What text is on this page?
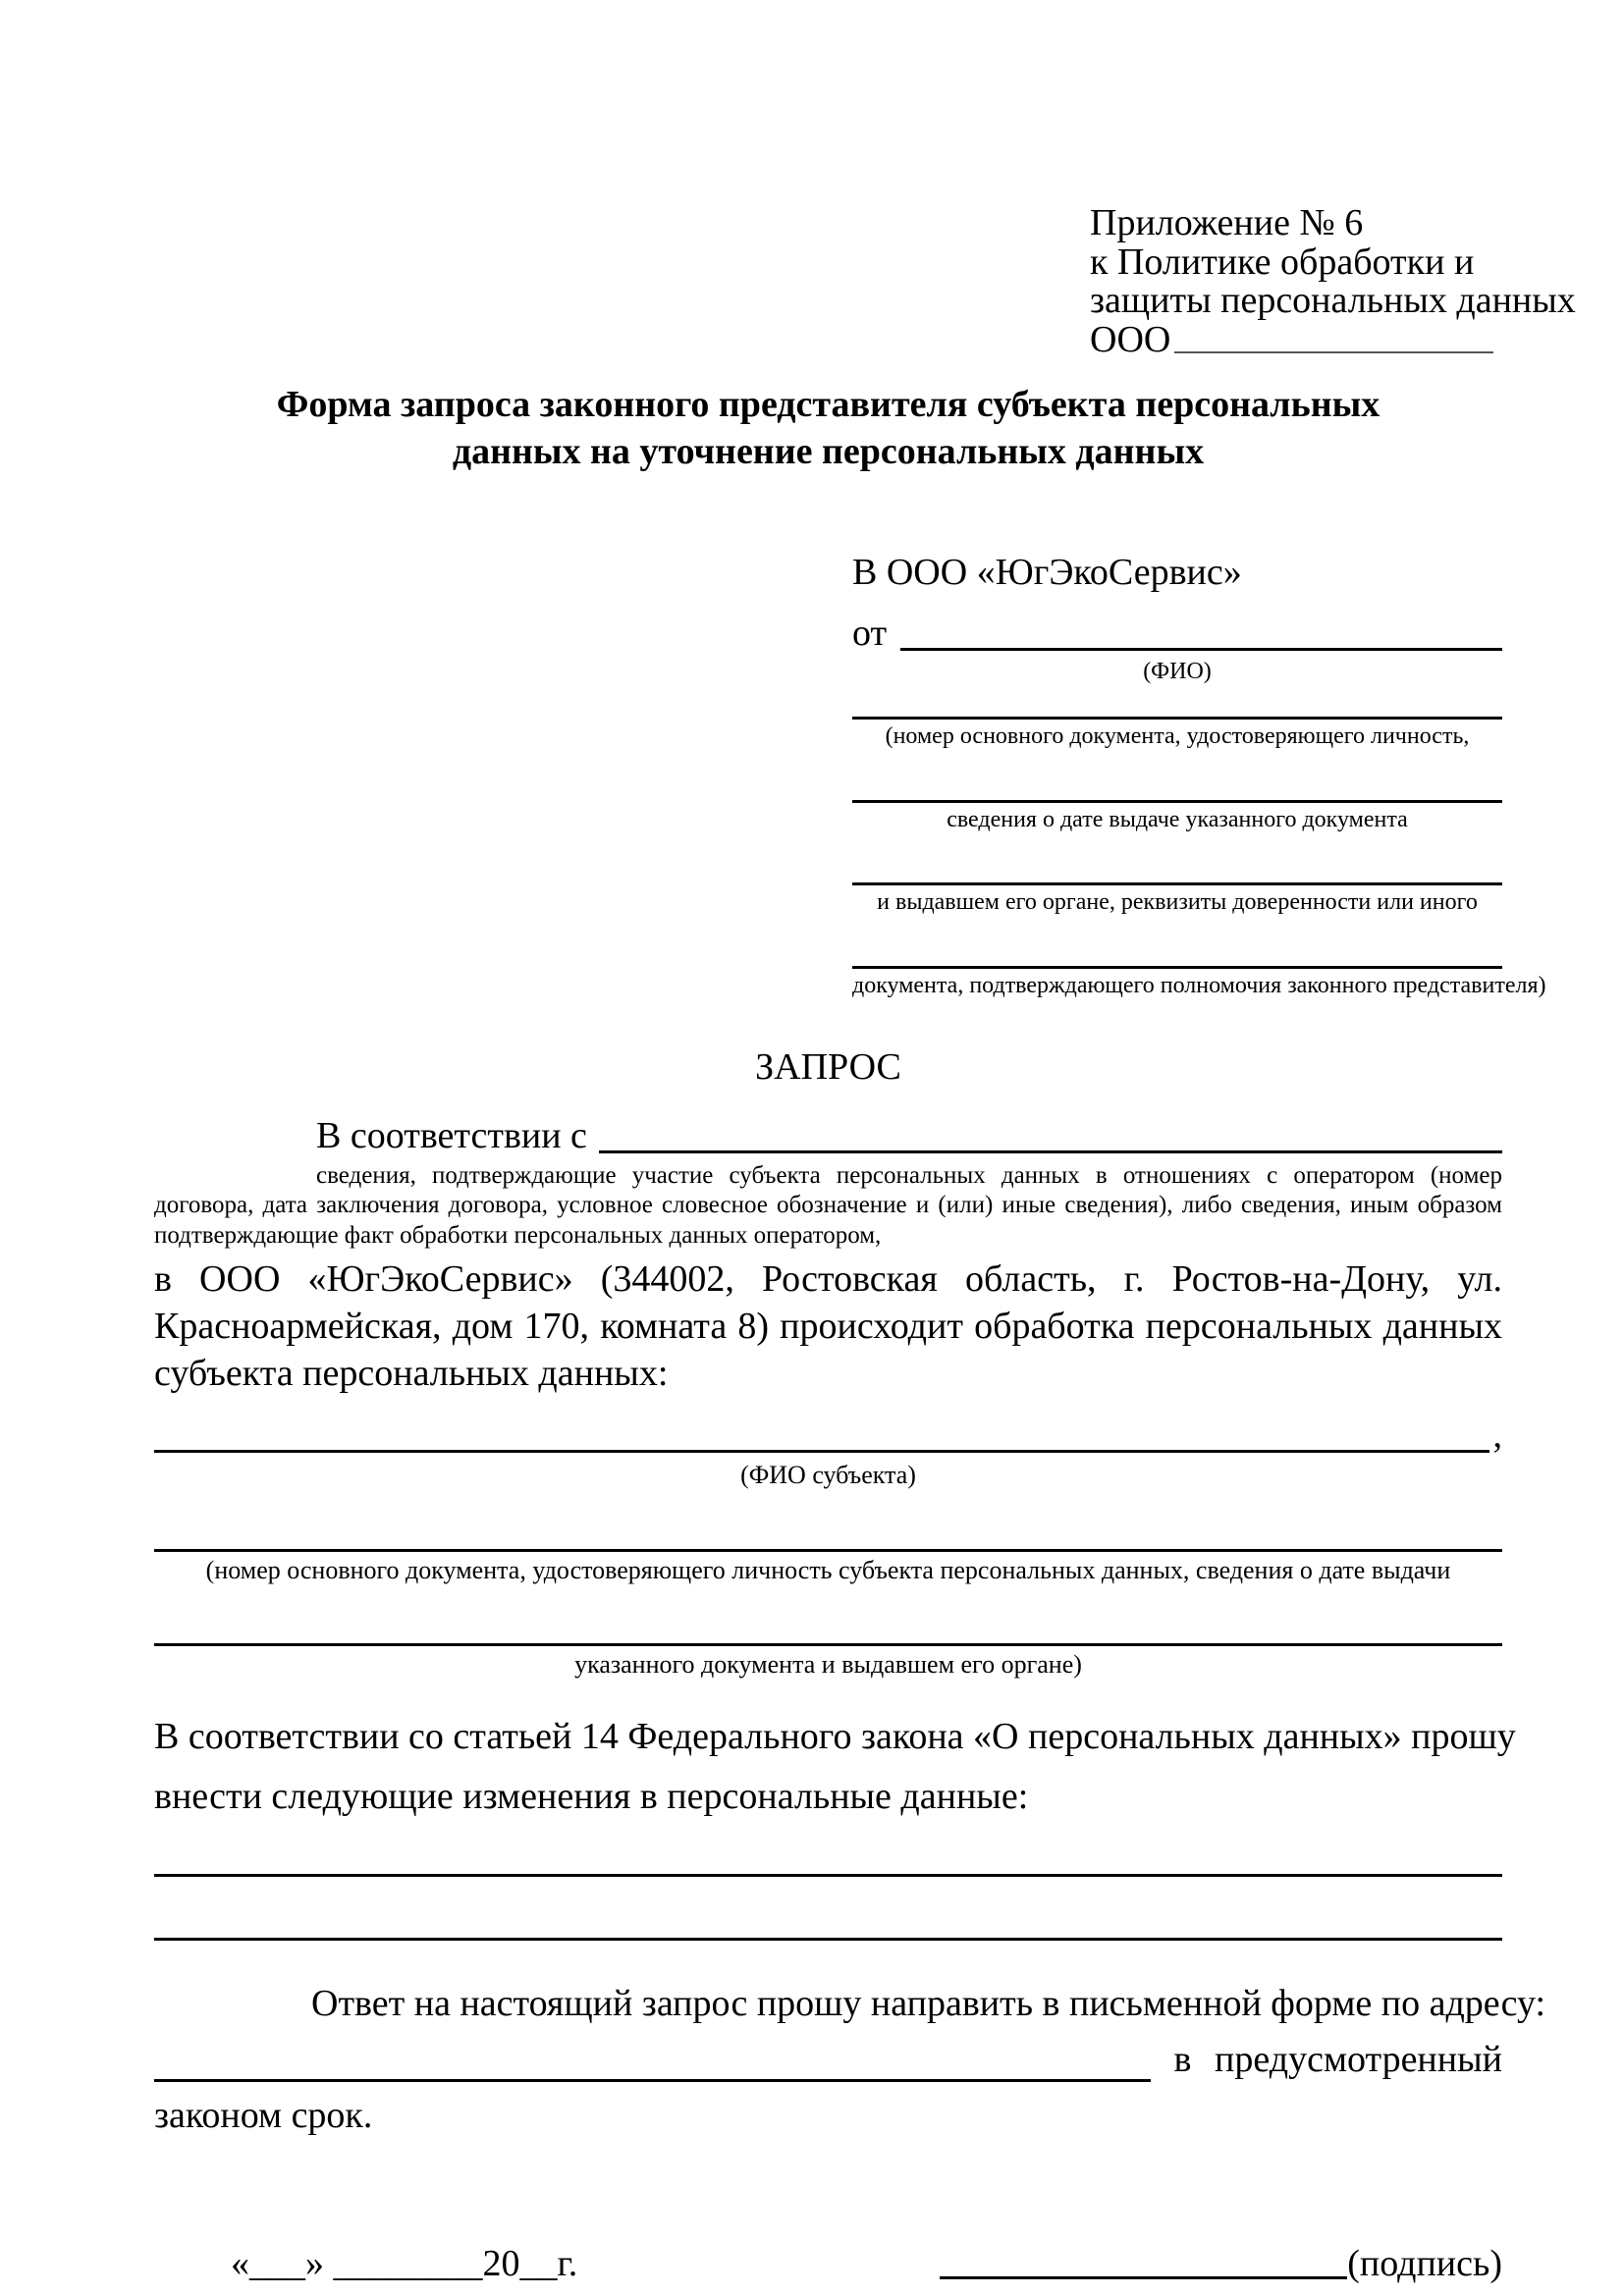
Приложение № 6
к Политике обработки и
защиты персональных данных
ООО
Форма запроса законного представителя субъекта персональных
данных на уточнение персональных данных
В ООО «ЮгЭкоСервис»
от
(ФИО)
(номер основного документа, удостоверяющего личность,
сведения о дате выдаче указанного документа
и выдавшем его органе, реквизиты доверенности или иного
документа, подтверждающего полномочия законного представителя)
ЗАПРОС
В соответствии с
сведения, подтверждающие участие субъекта персональных данных в отношениях с оператором (номер договора, дата заключения договора, условное словесное обозначение и (или) иные сведения), либо сведения, иным образом подтверждающие факт обработки персональных данных оператором,
в ООО «ЮгЭкоСервис» (344002, Ростовская область, г. Ростов-на-Дону, ул.
Красноармейская, дом 170, комната 8) происходит обработка персональных данных
субъекта персональных данных:
,
(ФИО субъекта)
(номер основного документа, удостоверяющего личность субъекта персональных данных, сведения о дате выдачи
указанного документа и выдавшем его органе)
В соответствии со статьей 14 Федерального закона «О персональных данных» прошу
внести следующие изменения в персональные данные:
Ответ на настоящий запрос прошу направить в письменной форме по адресу:
в предусмотренный
законом срок.
«___» ________20__г.	(подпись)
